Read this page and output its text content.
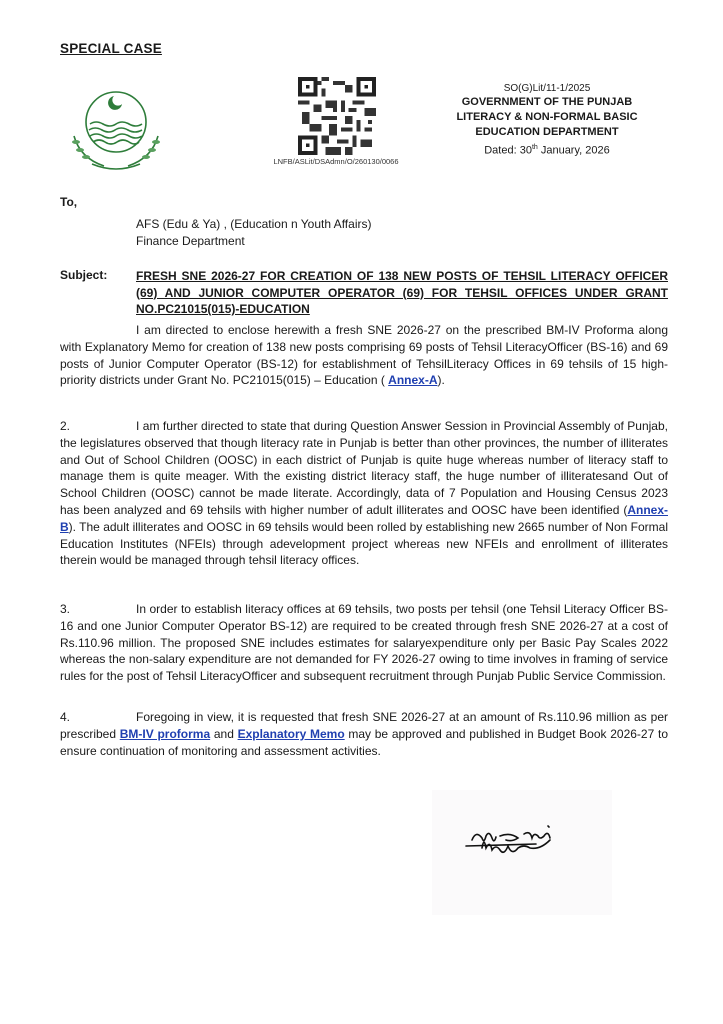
SPECIAL CASE
LNFB/ASLit/DSAdmn/O/260130/0066
SO(G)Lit/11-1/2025
GOVERNMENT OF THE PUNJAB
LITERACY & NON-FORMAL BASIC
EDUCATION DEPARTMENT
Dated: 30th January, 2026
To,
AFS (Edu & Ya) , (Education n Youth Affairs)
Finance Department
Subject: FRESH SNE 2026-27 FOR CREATION OF 138 NEW POSTS OF TEHSIL LITERACY OFFICER (69) AND JUNIOR COMPUTER OPERATOR (69) FOR TEHSIL OFFICES UNDER GRANT NO.PC21015(015)-EDUCATION
I am directed to enclose herewith a fresh SNE 2026-27 on the prescribed BM-IV Proforma along with Explanatory Memo for creation of 138 new posts comprising 69 posts of Tehsil LiteracyOfficer (BS-16) and 69 posts of Junior Computer Operator (BS-12) for establishment of TehsilLiteracy Offices in 69 tehsils of 15 high-priority districts under Grant No. PC21015(015) – Education ( Annex-A).
2.	I am further directed to state that during Question Answer Session in Provincial Assembly of Punjab, the legislatures observed that though literacy rate in Punjab is better than other provinces, the number of illiterates and Out of School Children (OOSC) in each district of Punjab is quite huge whereas number of literacy staff to manage them is quite meager. With the existing district literacy staff, the huge number of illiteratesand Out of School Children (OOSC) cannot be made literate. Accordingly, data of 7 Population and Housing Census 2023 has been analyzed and 69 tehsils with higher number of adult illiterates and OOSC have been identified (Annex-B). The adult illiterates and OOSC in 69 tehsils would been rolled by establishing new 2665 number of Non Formal Education Institutes (NFEIs) through adevelopment project whereas new NFEIs and enrollment of illiterates therein would be managed through tehsil literacy offices.
3.	In order to establish literacy offices at 69 tehsils, two posts per tehsil (one Tehsil Literacy Officer BS-16 and one Junior Computer Operator BS-12) are required to be created through fresh SNE 2026-27 at a cost of Rs.110.96 million. The proposed SNE includes estimates for salaryexpenditure only per Basic Pay Scales 2022 whereas the non-salary expenditure are not demanded for FY 2026-27 owing to time involves in framing of service rules for the post of Tehsil LiteracyOfficer and subsequent recruitment through Punjab Public Service Commission.
4.	Foregoing in view, it is requested that fresh SNE 2026-27 at an amount of Rs.110.96 million as per prescribed BM-IV proforma and Explanatory Memo may be approved and published in Budget Book 2026-27 to ensure continuation of monitoring and assessment activities.
